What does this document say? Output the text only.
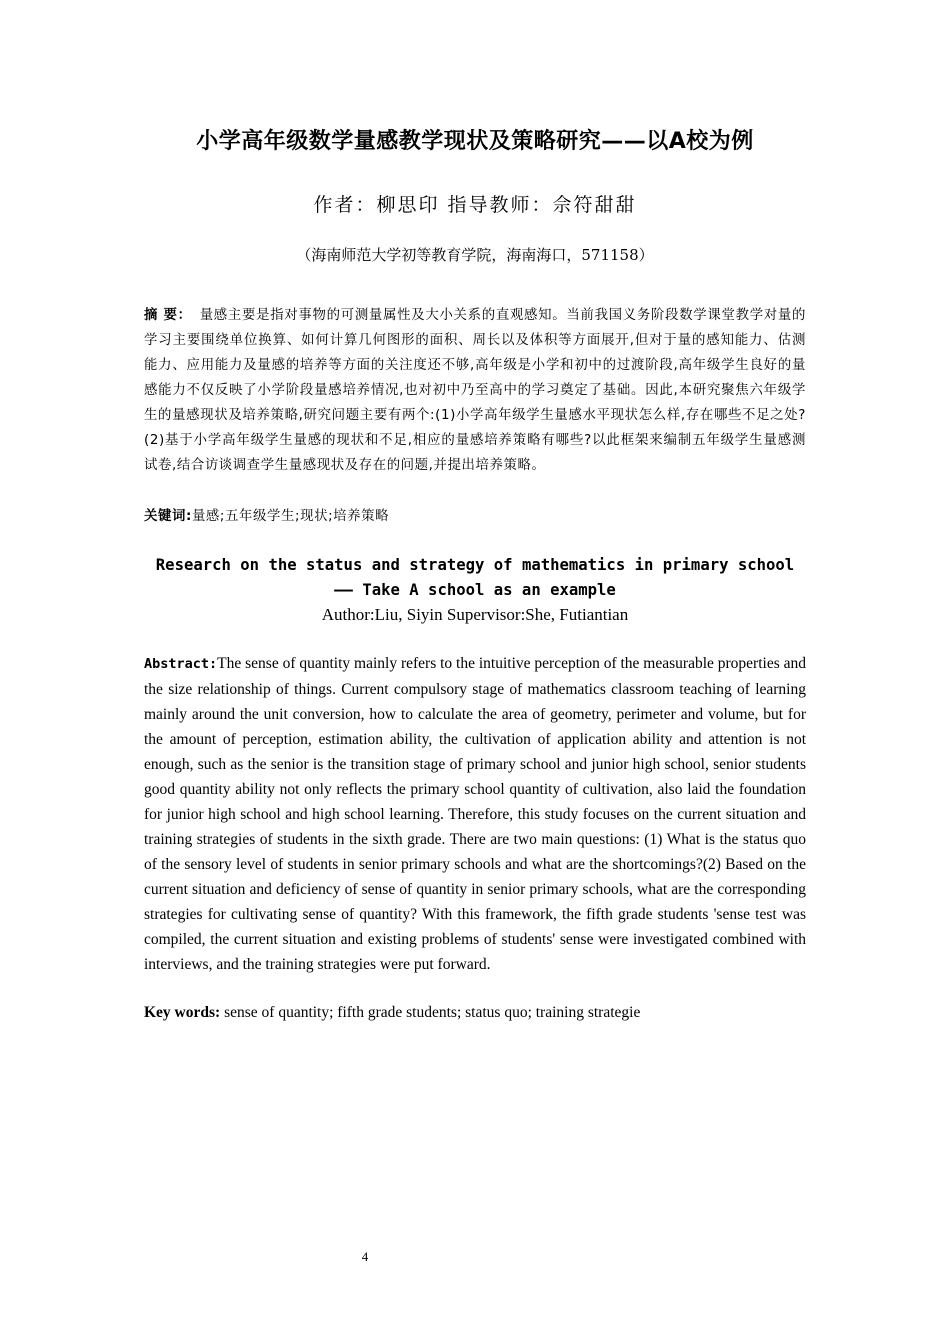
小学高年级数学量感教学现状及策略研究——以A校为例
作者：柳思印 指导教师：佘符甜甜
（海南师范大学初等教育学院，海南海口，571158）
摘 要： 量感主要是指对事物的可测量属性及大小关系的直观感知。当前我国义务阶段数学课堂教学对量的学习主要围绕单位换算、如何计算几何图形的面积、周长以及体积等方面展开,但对于量的感知能力、估测能力、应用能力及量感的培养等方面的关注度还不够,高年级是小学和初中的过渡阶段,高年级学生良好的量感能力不仅反映了小学阶段量感培养情况,也对初中乃至高中的学习奠定了基础。因此,本研究聚焦六年级学生的量感现状及培养策略,研究问题主要有两个:(1)小学高年级学生量感水平现状怎么样,存在哪些不足之处?(2)基于小学高年级学生量感的现状和不足,相应的量感培养策略有哪些?以此框架来编制五年级学生量感测试卷,结合访谈调查学生量感现状及存在的问题,并提出培养策略。
关键词:量感;五年级学生;现状;培养策略
Research on the status and strategy of mathematics in primary school
—— Take A school as an example
Author:Liu, Siyin Supervisor:She, Futiantian
Abstract:The sense of quantity mainly refers to the intuitive perception of the measurable properties and the size relationship of things. Current compulsory stage of mathematics classroom teaching of learning mainly around the unit conversion, how to calculate the area of geometry, perimeter and volume, but for the amount of perception, estimation ability, the cultivation of application ability and attention is not enough, such as the senior is the transition stage of primary school and junior high school, senior students good quantity ability not only reflects the primary school quantity of cultivation, also laid the foundation for junior high school and high school learning. Therefore, this study focuses on the current situation and training strategies of students in the sixth grade. There are two main questions: (1) What is the status quo of the sensory level of students in senior primary schools and what are the shortcomings?(2) Based on the current situation and deficiency of sense of quantity in senior primary schools, what are the corresponding strategies for cultivating sense of quantity? With this framework, the fifth grade students 'sense test was compiled, the current situation and existing problems of students' sense were investigated combined with interviews, and the training strategies were put forward.
Key words: sense of quantity; fifth grade students; status quo; training strategie
4
